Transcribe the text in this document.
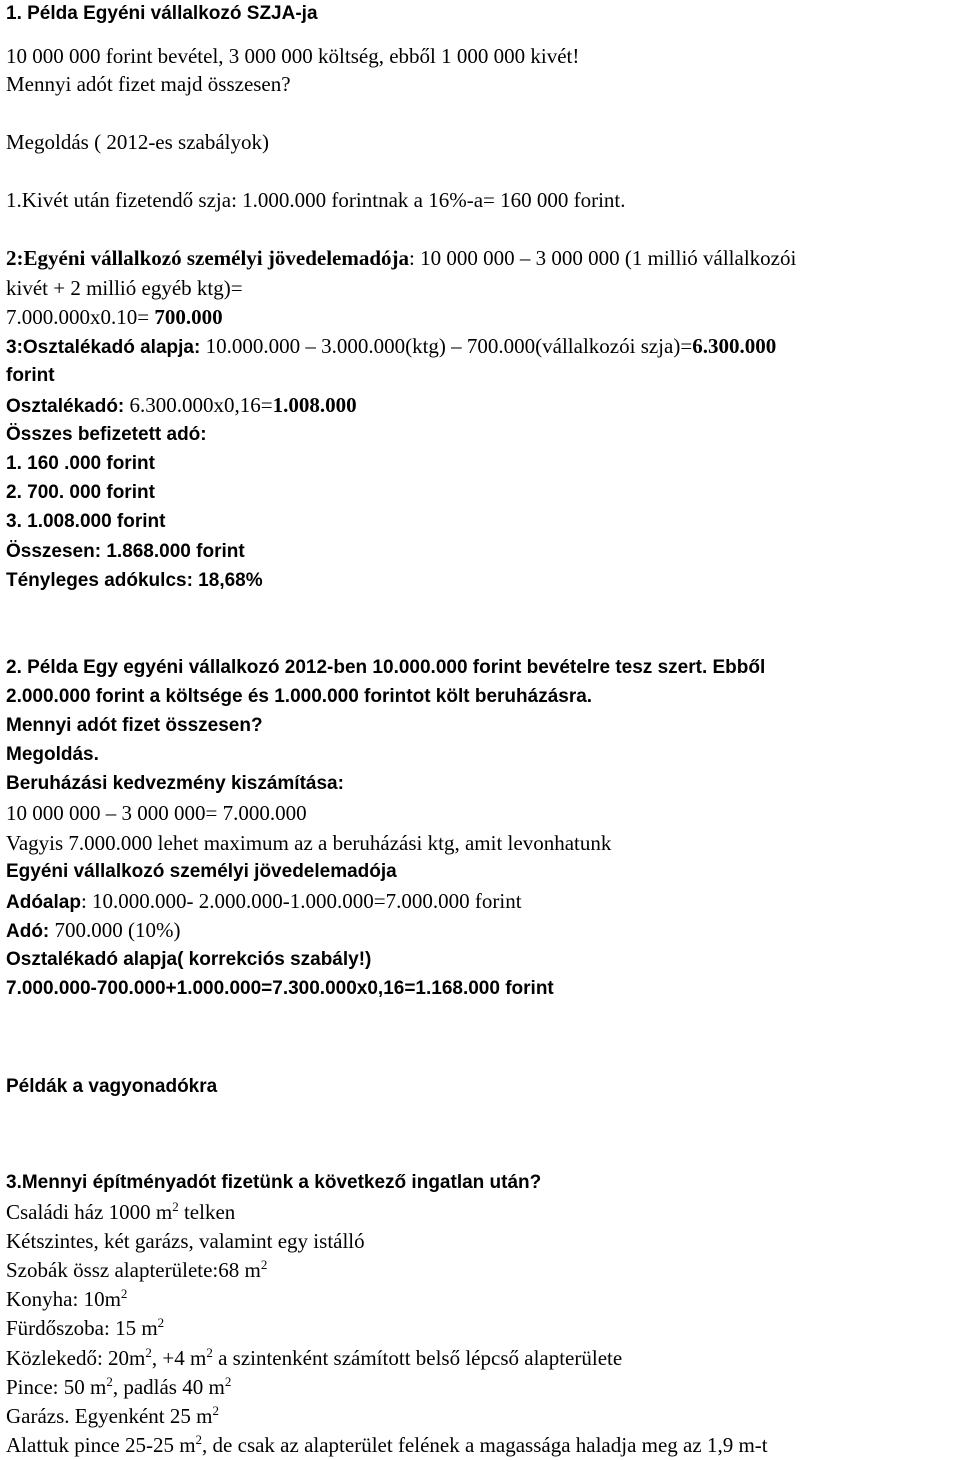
1. Példa Egyéni vállalkozó SZJA-ja
10 000 000 forint bevétel, 3 000 000 költség, ebből 1 000 000 kivét!
Mennyi adót fizet majd összesen?
Megoldás ( 2012-es szabályok)
1.Kivét után fizetendő szja: 1.000.000 forintnak a 16%-a= 160 000 forint.
2:Egyéni vállalkozó személyi jövedelemadója: 10 000 000 – 3 000 000 (1 millió vállalkozói
kivét + 2 millió egyéb ktg)=
7.000.000x0.10= 700.000
3:Osztalékadó alapja: 10.000.000 – 3.000.000(ktg) – 700.000(vállalkozói szja)=6.300.000
forint
Osztalékadó: 6.300.000x0,16=1.008.000
Összes befizetett adó:
1. 160 .000 forint
2. 700. 000 forint
3. 1.008.000 forint
Összesen: 1.868.000 forint
Tényleges adókulcs: 18,68%
2. Példa Egy egyéni vállalkozó 2012-ben 10.000.000 forint bevételre tesz szert. Ebből
2.000.000 forint a költsége és 1.000.000 forintot költ beruházásra.
Mennyi adót fizet összesen?
Megoldás.
Beruházási kedvezmény kiszámítása:
10 000 000 – 3 000 000= 7.000.000
Vagyis 7.000.000 lehet maximum az a beruházási ktg, amit levonhatunk
Egyéni vállalkozó személyi jövedelemadója
Adóalap: 10.000.000- 2.000.000-1.000.000=7.000.000 forint
Adó: 700.000 (10%)
Osztalékadó alapja( korrekciós szabály!)
7.000.000-700.000+1.000.000=7.300.000x0,16=1.168.000 forint
Példák a vagyonadókra
3.Mennyi építményadót fizetünk a következő ingatlan után?
Családi ház 1000 $m^2$ telken
Kétszintes, két garázs, valamint egy istálló
Szobák össz alapterülete:68 $m^2$
Konyha: $10m^2$
Fürdőszoba: 15 $m^2$
Közlekedő: $20m^2$, +4 $m^2$ a szintenként számított belső lépcső alapterülete
Pince: 50 $m^2$, padlás 40 $m^2$
Garázs. Egyenként 25 $m^2$
Alattuk pince 25-25 $m^2$, de csak az alapterület felének a magassága haladja meg az 1,9 m-t
